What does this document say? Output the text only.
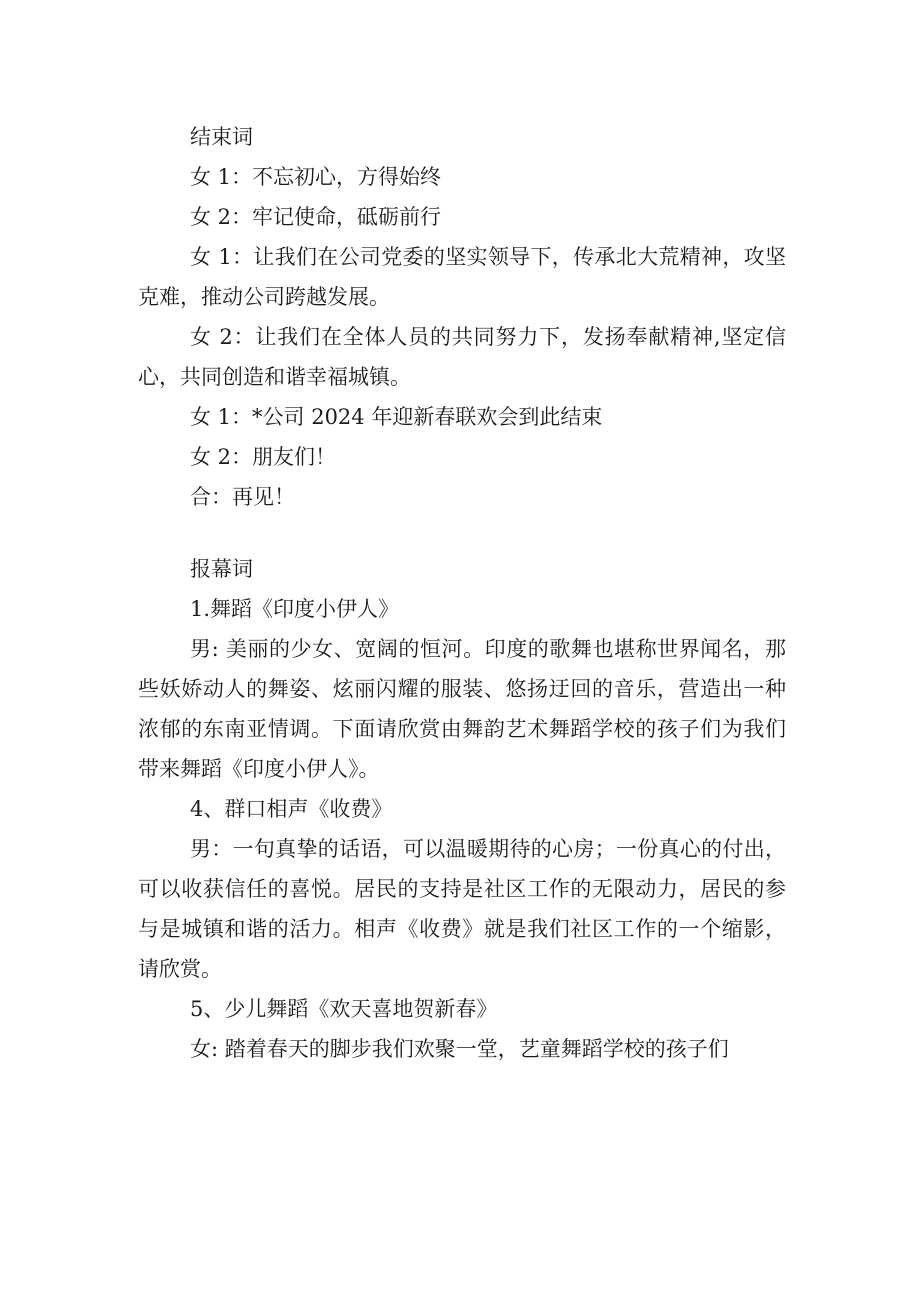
结束词

女 1：不忘初心，方得始终

女 2：牢记使命，砥砺前行

女 1：让我们在公司党委的坚实领导下，传承北大荒精神，攻坚克难，推动公司跨越发展。

女 2：让我们在全体人员的共同努力下，发扬奉献精神,坚定信心，共同创造和谐幸福城镇。

女 1：*公司 2024 年迎新春联欢会到此结束

女 2：朋友们！

合：再见！

报幕词

1.舞蹈《印度小伊人》

男: 美丽的少女、宽阔的恒河。印度的歌舞也堪称世界闻名，那些妖娇动人的舞姿、炫丽闪耀的服装、悠扬迂回的音乐，营造出一种浓郁的东南亚情调。下面请欣赏由舞韵艺术舞蹈学校的孩子们为我们带来舞蹈《印度小伊人》。

4、群口相声《收费》

男：一句真挚的话语，可以温暖期待的心房；一份真心的付出，可以收获信任的喜悦。居民的支持是社区工作的无限动力，居民的参与是城镇和谐的活力。相声《收费》就是我们社区工作的一个缩影，请欣赏。

5、少儿舞蹈《欢天喜地贺新春》

女: 踏着春天的脚步我们欢聚一堂，艺童舞蹈学校的孩子们
